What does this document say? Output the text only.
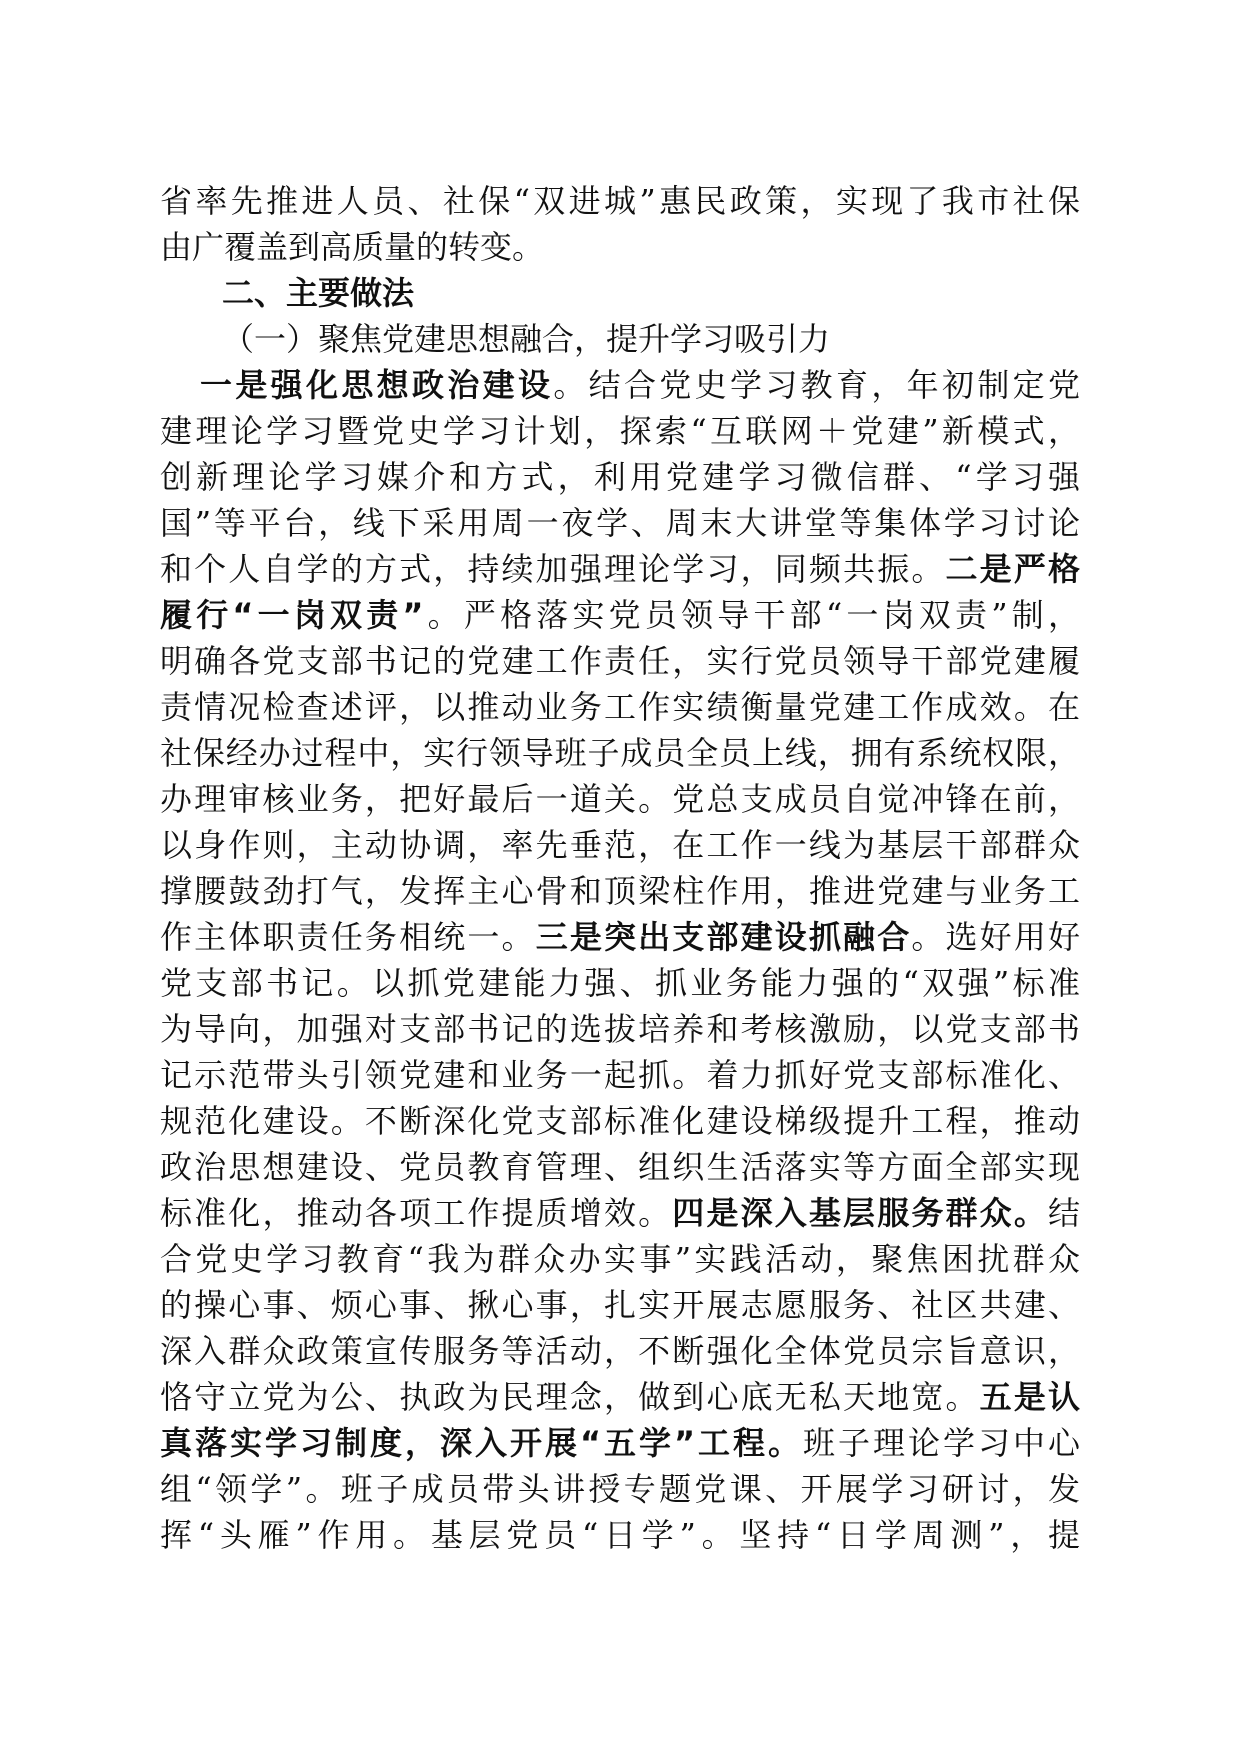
省率先推进人员、社保“双进城”惠民政策，实现了我市社保
由广覆盖到高质量的转变。
二、主要做法
（一）聚焦党建思想融合，提升学习吸引力
一是强化思想政治建设。结合党史学习教育，年初制定党
建理论学习暨党史学习计划，探索“互联网＋党建”新模式，
创新理论学习媒介和方式，利用党建学习微信群、“学习强
国”等平台，线下采用周一夜学、周末大讲堂等集体学习讨论
和个人自学的方式，持续加强理论学习，同频共振。二是严格
履行“一岗双责”。严格落实党员领导干部“一岗双责”制，
明确各党支部书记的党建工作责任，实行党员领导干部党建履
责情况检查述评，以推动业务工作实绩衡量党建工作成效。在
社保经办过程中，实行领导班子成员全员上线，拥有系统权限，
办理审核业务，把好最后一道关。党总支成员自觉冲锋在前，
以身作则，主动协调，率先垂范，在工作一线为基层干部群众
撑腰鼓劲打气，发挥主心骨和顶梁柱作用，推进党建与业务工
作主体职责任务相统一。三是突出支部建设抓融合。选好用好
党支部书记。以抓党建能力强、抓业务能力强的“双强”标准
为导向，加强对支部书记的选拔培养和考核激励，以党支部书
记示范带头引领党建和业务一起抓。着力抓好党支部标准化、
规范化建设。不断深化党支部标准化建设梯级提升工程，推动
政治思想建设、党员教育管理、组织生活落实等方面全部实现
标准化，推动各项工作提质增效。四是深入基层服务群众。结
合党史学习教育“我为群众办实事”实践活动，聚焦困扰群众
的操心事、烦心事、揪心事，扎实开展志愿服务、社区共建、
深入群众政策宣传服务等活动，不断强化全体党员宗旨意识，
恪守立党为公、执政为民理念，做到心底无私天地宽。五是认
真落实学习制度，深入开展“五学”工程。班子理论学习中心
组“领学”。班子成员带头讲授专题党课、开展学习研讨，发
挥“头雁”作用。基层党员“日学”。坚持“日学周测”，提
